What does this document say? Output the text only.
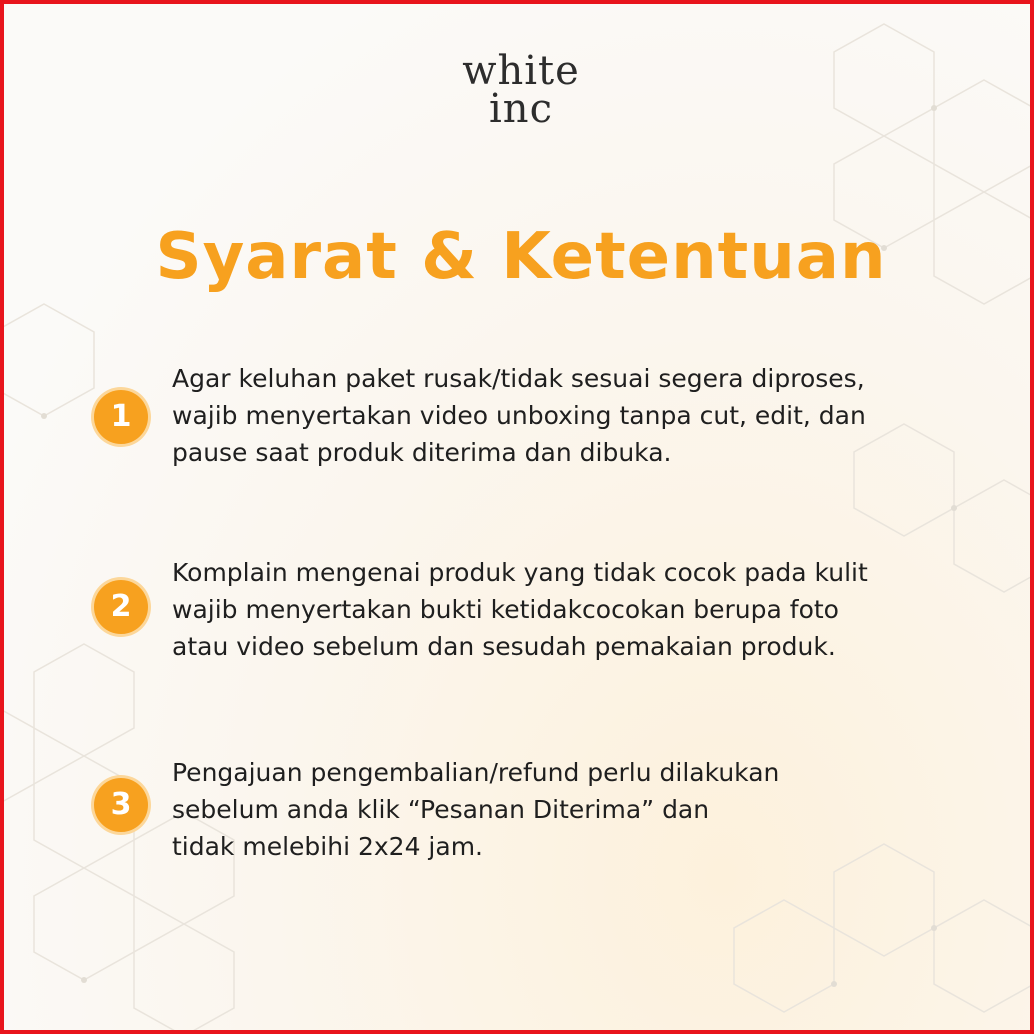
white
inc
Syarat & Ketentuan
1
Agar keluhan paket rusak/tidak sesuai segera diproses,
wajib menyertakan video unboxing tanpa cut, edit, dan
pause saat produk diterima dan dibuka.
2
Komplain mengenai produk yang tidak cocok pada kulit
wajib menyertakan bukti ketidakcocokan berupa foto
atau video sebelum dan sesudah pemakaian produk.
3
Pengajuan pengembalian/refund perlu dilakukan
sebelum anda klik “Pesanan Diterima” dan
tidak melebihi 2x24 jam.
